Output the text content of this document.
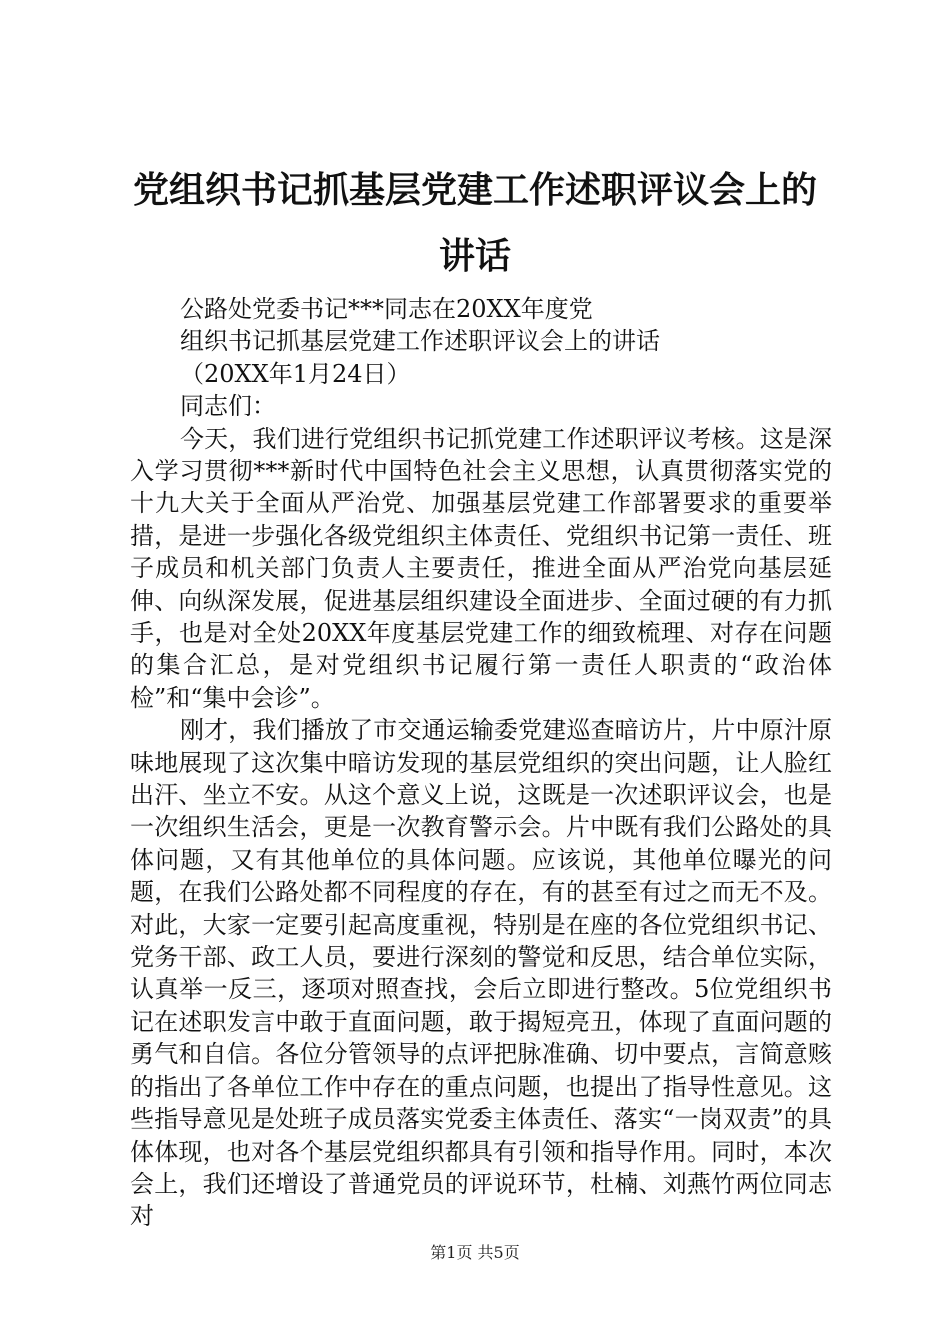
党组织书记抓基层党建工作述职评议会上的讲话
公路处党委书记***同志在20XX年度党
组织书记抓基层党建工作述职评议会上的讲话
（20XX年1月24日）
同志们：

今天，我们进行党组织书记抓党建工作述职评议考核。这是深入学习贯彻***新时代中国特色社会主义思想，认真贯彻落实党的十九大关于全面从严治党、加强基层党建工作部署要求的重要举措，是进一步强化各级党组织主体责任、党组织书记第一责任、班子成员和机关部门负责人主要责任，推进全面从严治党向基层延伸、向纵深发展，促进基层组织建设全面进步、全面过硬的有力抓手，也是对全处20XX年度基层党建工作的细致梳理、对存在问题的集合汇总，是对党组织书记履行第一责任人职责的“政治体检”和“集中会诊”。

刚才，我们播放了市交通运输委党建巡查暗访片，片中原汁原味地展现了这次集中暗访发现的基层党组织的突出问题，让人脸红出汗、坐立不安。从这个意义上说，这既是一次述职评议会，也是一次组织生活会，更是一次教育警示会。片中既有我们公路处的具体问题，又有其他单位的具体问题。应该说，其他单位曝光的问题，在我们公路处都不同程度的存在，有的甚至有过之而无不及。对此，大家一定要引起高度重视，特别是在座的各位党组织书记、党务干部、政工人员，要进行深刻的警觉和反思，结合单位实际，认真举一反三，逐项对照查找，会后立即进行整改。5位党组织书记在述职发言中敢于直面问题，敢于揭短亮丑，体现了直面问题的勇气和自信。各位分管领导的点评把脉准确、切中要点，言简意赅的指出了各单位工作中存在的重点问题，也提出了指导性意见。这些指导意见是处班子成员落实党委主体责任、落实“一岗双责”的具体体现，也对各个基层党组织都具有引领和指导作用。同时，本次会上，我们还增设了普通党员的评说环节，杜楠、刘燕竹两位同志对

第1页 共5页
